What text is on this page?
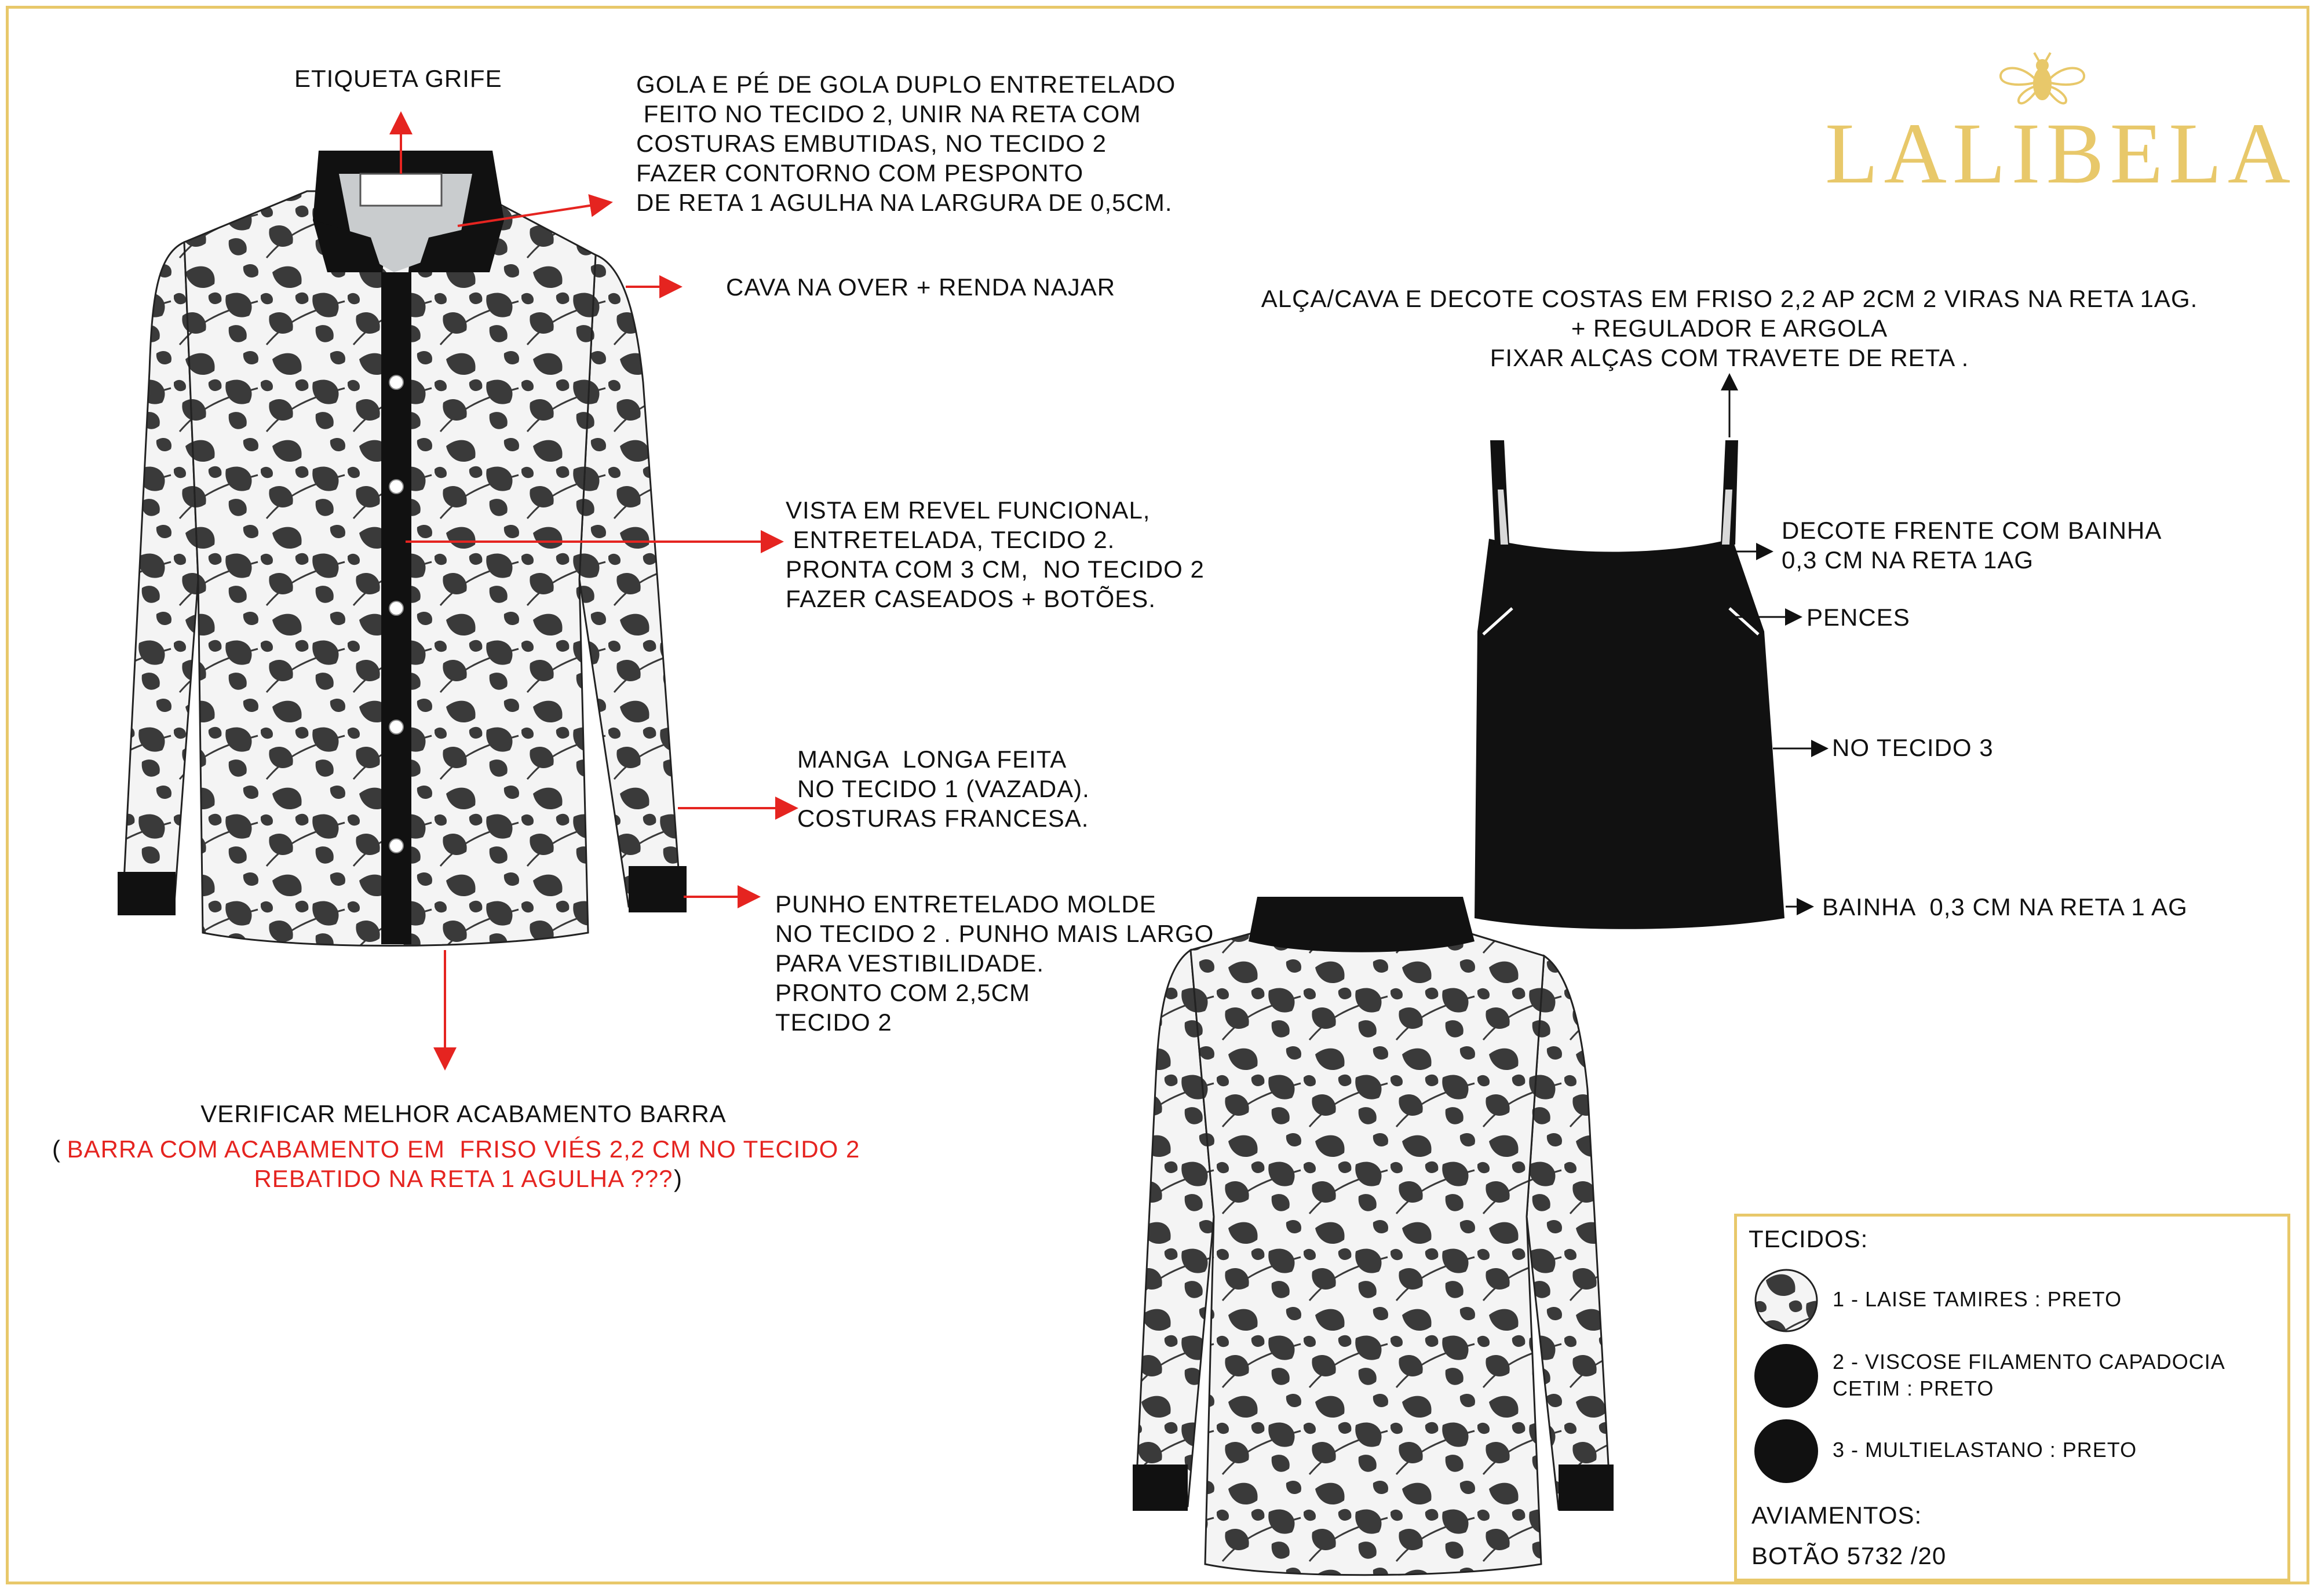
LALIBELA
ETIQUETA GRIFE	GOLA E PÉ DE GOLA DUPLO ENTRETELADO
FEITO NO TECIDO 2, UNIR NA RETA COM
COSTURAS EMBUTIDAS, NO TECIDO 2
FAZER CONTORNO COM PESPONTO
DE RETA 1 AGULHA NA LARGURA DE 0,5CM.
CAVA NA OVER + RENDA NAJAR
VISTA EM REVEL FUNCIONAL,
ENTRETELADA, TECIDO 2.
PRONTA COM 3 CM,  NO TECIDO 2
FAZER CASEADOS + BOTÕES.
MANGA  LONGA FEITA
NO TECIDO 1 (VAZADA).
COSTURAS FRANCESA.
PUNHO ENTRETELADO MOLDE
NO TECIDO 2 . PUNHO MAIS LARGO
PARA VESTIBILIDADE.
PRONTO COM 2,5CM
TECIDO 2
VERIFICAR MELHOR ACABAMENTO BARRA
( BARRA COM ACABAMENTO EM  FRISO VIÉS 2,2 CM NO TECIDO 2
REBATIDO NA RETA 1 AGULHA ??? )
ALÇA/CAVA E DECOTE COSTAS EM FRISO 2,2 AP 2CM 2 VIRAS NA RETA 1AG.
+ REGULADOR E ARGOLA
FIXAR ALÇAS COM TRAVETE DE RETA .
DECOTE FRENTE COM BAINHA
0,3 CM NA RETA 1AG
PENCES
NO TECIDO 3
BAINHA  0,3 CM NA RETA 1 AG
TECIDOS:
1 - LAISE TAMIRES : PRETO
2 - VISCOSE FILAMENTO CAPADOCIA
CETIM : PRETO
3 - MULTIELASTANO : PRETO
AVIAMENTOS:
BOTÃO 5732 /20
